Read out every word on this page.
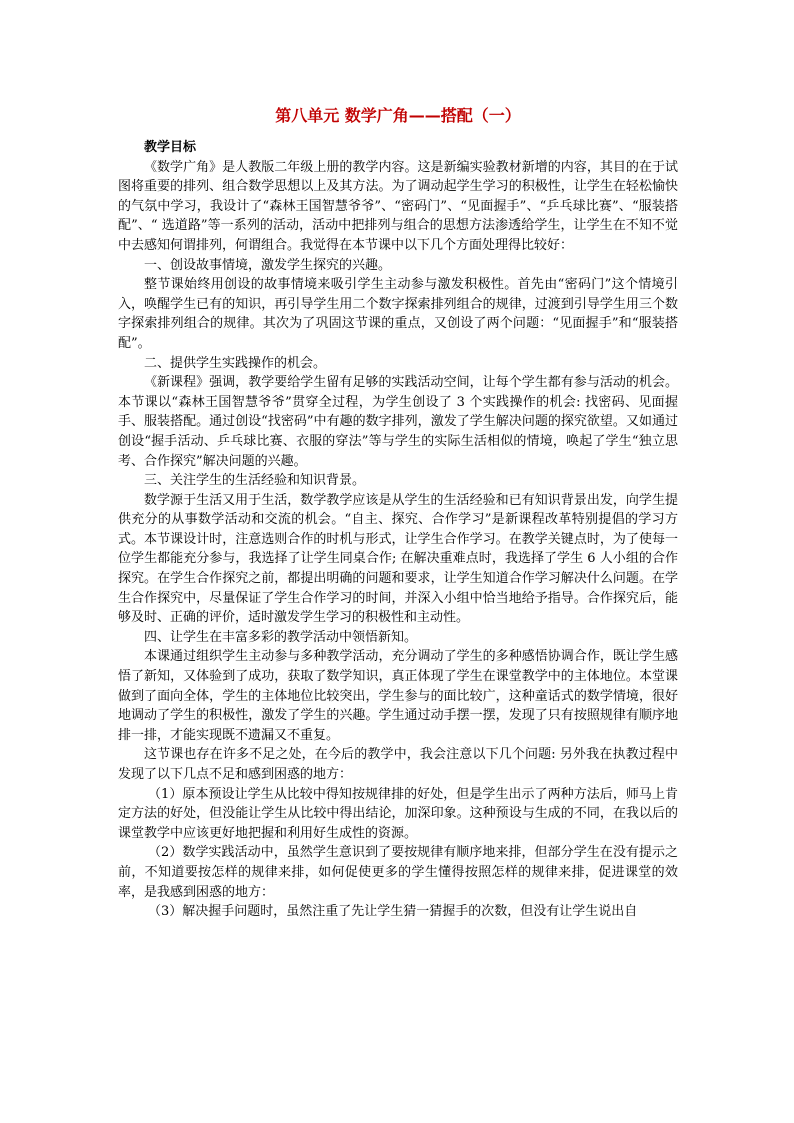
第八单元 数学广角——搭配（一）
教学目标

《数学广角》是人教版二年级上册的教学内容。这是新编实验教材新增的内容，其目的在于试图将重要的排列、组合数学思想以上及其方法。为了调动起学生学习的积极性，让学生在轻松愉快的气氛中学习，我设计了“森林王国智慧爷爷”、“密码门”、“见面握手”、“乒乓球比赛”、“服装搭配”、“ 选道路”等一系列的活动，活动中把排列与组合的思想方法渗透给学生，让学生在不知不觉中去感知何谓排列，何谓组合。我觉得在本节课中以下几个方面处理得比较好：

一、创设故事情境，激发学生探究的兴趣。

整节课始终用创设的故事情境来吸引学生主动参与激发积极性。首先由“密码门”这个情境引入，唤醒学生已有的知识，再引导学生用二个数字探索排列组合的规律，过渡到引导学生用三个数字探索排列组合的规律。其次为了巩固这节课的重点，又创设了两个问题：“见面握手”和“服装搭配”。

二、提供学生实践操作的机会。

《新课程》强调，教学要给学生留有足够的实践活动空间，让每个学生都有参与活动的机会。本节课以“森林王国智慧爷爷”贯穿全过程，为学生创设了 3 个实践操作的机会: 找密码、见面握手、服装搭配。通过创设“找密码”中有趣的数字排列，激发了学生解决问题的探究欲望。又如通过创设“握手活动、乒乓球比赛、衣服的穿法”等与学生的实际生活相似的情境，唤起了学生“独立思考、合作探究”解决问题的兴趣。

三、关注学生的生活经验和知识背景。

数学源于生活又用于生活，数学教学应该是从学生的生活经验和已有知识背景出发，向学生提供充分的从事数学活动和交流的机会。“自主、探究、合作学习”是新课程改革特别提倡的学习方式。本节课设计时，注意选则合作的时机与形式，让学生合作学习。在教学关键点时，为了使每一位学生都能充分参与，我选择了让学生同桌合作; 在解决重难点时，我选择了学生 6 人小组的合作探究。在学生合作探究之前，都提出明确的问题和要求，让学生知道合作学习解决什么问题。在学生合作探究中，尽量保证了学生合作学习的时间，并深入小组中恰当地给予指导。合作探究后，能够及时、正确的评价，适时激发学生学习的积极性和主动性。

四、让学生在丰富多彩的教学活动中领悟新知。

本课通过组织学生主动参与多种教学活动，充分调动了学生的多种感悟协调合作，既让学生感悟了新知，又体验到了成功，获取了数学知识，真正体现了学生在课堂教学中的主体地位。本堂课做到了面向全体，学生的主体地位比较突出，学生参与的面比较广，这种童话式的数学情境，很好地调动了学生的积极性，激发了学生的兴趣。学生通过动手摆一摆，发现了只有按照规律有顺序地排一排，才能实现既不遗漏又不重复。

这节课也存在许多不足之处，在今后的教学中，我会注意以下几个问题: 另外我在执教过程中发现了以下几点不足和感到困惑的地方：

（1）原本预设让学生从比较中得知按规律排的好处，但是学生出示了两种方法后，师马上肯定方法的好处，但没能让学生从比较中得出结论，加深印象。这种预设与生成的不同，在我以后的课堂教学中应该更好地把握和利用好生成性的资源。

（2）数学实践活动中，虽然学生意识到了要按规律有顺序地来排，但部分学生在没有提示之前，不知道要按怎样的规律来排，如何促使更多的学生懂得按照怎样的规律来排，促进课堂的效率，是我感到困惑的地方：

（3）解决握手问题时，虽然注重了先让学生猜一猜握手的次数，但没有让学生说出自
